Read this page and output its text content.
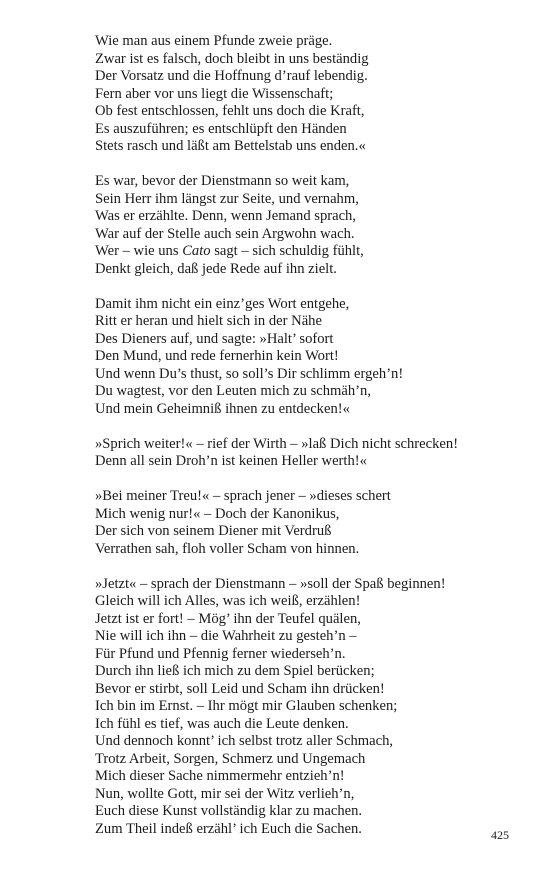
Wie man aus einem Pfunde zweie präge.
Zwar ist es falsch, doch bleibt in uns beständig
Der Vorsatz und die Hoffnung d’rauf lebendig.
Fern aber vor uns liegt die Wissenschaft;
Ob fest entschlossen, fehlt uns doch die Kraft,
Es auszuführen; es entschlüpft den Händen
Stets rasch und läßt am Bettelstab uns enden.«
Es war, bevor der Dienstmann so weit kam,
Sein Herr ihm längst zur Seite, und vernahm,
Was er erzählte. Denn, wenn Jemand sprach,
War auf der Stelle auch sein Argwohn wach.
Wer – wie uns Cato sagt – sich schuldig fühlt,
Denkt gleich, daß jede Rede auf ihn zielt.
Damit ihm nicht ein einz’ges Wort entgehe,
Ritt er heran und hielt sich in der Nähe
Des Dieners auf, und sagte: »Halt’ sofort
Den Mund, und rede fernerhin kein Wort!
Und wenn Du’s thust, so soll’s Dir schlimm ergeh’n!
Du wagtest, vor den Leuten mich zu schmäh’n,
Und mein Geheimniß ihnen zu entdecken!«
»Sprich weiter!« – rief der Wirth – »laß Dich nicht schrecken!
Denn all sein Droh’n ist keinen Heller werth!«
»Bei meiner Treu!« – sprach jener – »dieses schert
Mich wenig nur!« – Doch der Kanonikus,
Der sich von seinem Diener mit Verdruß
Verrathen sah, floh voller Scham von hinnen.
»Jetzt« – sprach der Dienstmann – »soll der Spaß beginnen!
Gleich will ich Alles, was ich weiß, erzählen!
Jetzt ist er fort! – Mög’ ihn der Teufel quälen,
Nie will ich ihn – die Wahrheit zu gesteh’n –
Für Pfund und Pfennig ferner wiederseh’n.
Durch ihn ließ ich mich zu dem Spiel berücken;
Bevor er stirbt, soll Leid und Scham ihn drücken!
Ich bin im Ernst. – Ihr mögt mir Glauben schenken;
Ich fühl es tief, was auch die Leute denken.
Und dennoch konnt’ ich selbst trotz aller Schmach,
Trotz Arbeit, Sorgen, Schmerz und Ungemach
Mich dieser Sache nimmermehr entzieh’n!
Nun, wollte Gott, mir sei der Witz verlieh’n,
Euch diese Kunst vollständig klar zu machen.
Zum Theil indeß erzähl’ ich Euch die Sachen.	425
